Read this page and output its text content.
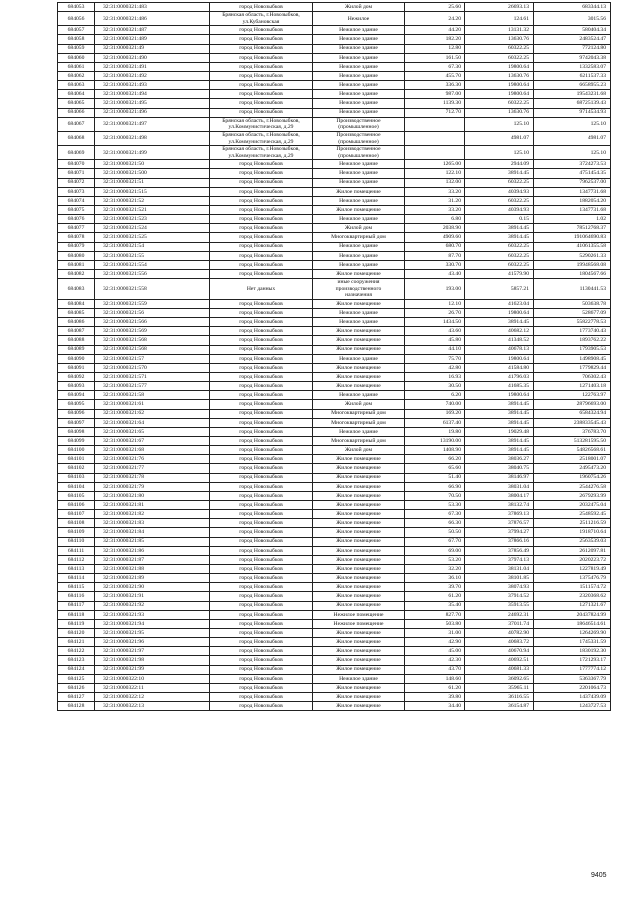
684053	32:31:0000321:483	город Новозыбков	Жилой дом	25.60	26693.13	683344.13
684056	32:31:0000321:486	Брянская область, г.Новозыбков,
ул.Кубановская	Нежилое	24.20	124.61	3015.56
684057	32:31:0000321:487	город Новозыбков	Нежилое здание	44.20	13131.32	580404.34
684058	32:31:0000321:489	город Новозыбков	Нежилое здание	182.20	13630.76	2483524.47
684059	32:31:0000321:49	город Новозыбков	Нежилое здание	12.80	60322.25	772124.80
684060	32:31:0000321:490	город Новозыбков	Нежилое здание	161.50	60322.25	9742043.38
684061	32:31:0000321:491	город Новозыбков	Нежилое здание	67.30	19800.64	1332583.07
684062	32:31:0000321:492	город Новозыбков	Нежилое здание	455.70	13630.76	6211537.33
684063	32:31:0000321:493	город Новозыбков	Нежилое здание	336.30	19800.64	6658955.23
684064	32:31:0000321:494	город Новозыбков	Нежилое здание	987.00	19800.64	19543231.68
684065	32:31:0000321:495	город Новозыбков	Нежилое здание	1139.30	60322.25	68725139.43
684066	32:31:0000321:496	город Новозыбков	Нежилое здание	712.70	13630.76	9714534.93
684067	32:31:0000321:497	Брянская область, г.Новозыбков,
ул.Коммунистическая, д.29	Производственное
(промышленное)		125.10	125.10
684068	32:31:0000321:498	Брянская область, г.Новозыбков,
ул.Коммунистическая, д.29	Производственное
(промышленное)		4981.07	4981.07
684069	32:31:0000321:499	Брянская область, г.Новозыбков,
ул.Коммунистическая, д.29	Производственное
(промышленное)		125.10	125.10
684070	32:31:0000321:50	город Новозыбков	Нежилое здание	1265.00	2944.09	3724273.53
684071	32:31:0000321:500	город Новозыбков	Нежилое здание	122.10	38914.45	4751454.35
684072	32:31:0000321:51	город Новозыбков	Нежилое здание	132.00	60322.25	7962537.00
684073	32:31:0000321:515	город Новозыбков	Жилое помещение	33.20	40394.93	1347731.68
684074	32:31:0000321:52	город Новозыбков	Нежилое здание	31.20	60322.25	1882054.20
684075	32:31:0000321:521	город Новозыбков	Жилое помещение	33.20	40394.93	1347731.68
684076	32:31:0000321:523	город Новозыбков	Нежилое здание	6.80	0.15	1.02
684077	32:31:0000321:524	город Новозыбков	Жилой дом	2038.90	38914.45	78512768.37
684078	32:31:0000321:525	город Новозыбков	Многоквартирный дом	4909.60	38914.45	191064690.83
684079	32:31:0000321:54	город Новозыбков	Нежилое здание	680.70	60322.25	41061355.58
684080	32:31:0000321:55	город Новозыбков	Нежилое здание	87.70	60322.25	5290261.33
684081	32:31:0000321:554	город Новозыбков	Нежилое здание	330.70	60322.25	19948568.08
684082	32:31:0000321:556	город Новозыбков	Жилое помещение	43.40	41579.90	1804567.66
684083	32:31:0000321:558	Нет данных	иные сооружения
производственного
назначения	193.00	5857.21	1130441.53
684084	32:31:0000321:559	город Новозыбков	Жилое помещение	12.10	41623.04	503638.78
684085	32:31:0000321:56	город Новозыбков	Нежилое здание	26.70	19800.64	528677.09
684086	32:31:0000321:566	город Новозыбков	Нежилое здание	1434.50	38914.45	55822778.53
684087	32:31:0000321:569	город Новозыбков	Жилое помещение	43.60	40682.12	1773740.43
684088	32:31:0000321:568	город Новозыбков	Жилое помещение	45.80	41348.52	1893762.22
684089	32:31:0000321:568	город Новозыбков	Жилое помещение	44.10	40678.13	1793905.53
684090	32:31:0000321:57	город Новозыбков	Нежилое здание	75.70	19800.64	1498908.45
684091	32:31:0000321:570	город Новозыбков	Жилое помещение	42.80	41584.80	1779829.44
684092	32:31:0000321:571	город Новозыбков	Жилое помещение	16.93	41796.03	706302.43
684093	32:31:0000321:577	город Новозыбков	Жилое помещение	30.50	41685.35	1271403.18
684094	32:31:0000321:58	город Новозыбков	Нежилое здание	6.20	19800.64	122763.97
684095	32:31:0000321:61	город Новозыбков	Жилой дом	740.00	38914.45	28796693.00
684096	32:31:0000321:62	город Новозыбков	Многоквартирный дом	169.20	38914.45	6584324.94
684097	32:31:0000321:64	город Новозыбков	Многоквартирный дом	6137.40	38914.45	238833545.43
684098	32:31:0000321:65	город Новозыбков	Нежилое здание	19.80	19029.48	376783.70
684099	32:31:0000321:67	город Новозыбков	Многоквартирный дом	13190.00	38914.45	513281595.50
684100	32:31:0000321:68	город Новозыбков	Жилой дом	1408.90	38914.45	54826568.61
684101	32:31:0000321:76	город Новозыбков	Жилое помещение	66.20	38036.27	2518001.07
684102	32:31:0000321:77	город Новозыбков	Жилое помещение	65.60	38040.75	2495473.20
684103	32:31:0000321:78	город Новозыбков	Жилое помещение	51.40	38146.97	1960754.26
684104	32:31:0000321:79	город Новозыбков	Жилое помещение	66.90	38031.04	2544276.58
684105	32:31:0000321:80	город Новозыбков	Жилое помещение	70.50	38004.17	2679293.99
684106	32:31:0000321:81	город Новозыбков	Жилое помещение	53.30	38132.74	2032475.04
684107	32:31:0000321:82	город Новозыбков	Жилое помещение	67.30	37869.13	2548592.45
684108	32:31:0000321:83	город Новозыбков	Жилое помещение	66.30	37876.57	2511216.59
684109	32:31:0000321:84	город Новозыбков	Жилое помещение	50.50	37994.27	1918710.64
684110	32:31:0000321:85	город Новозыбков	Жилое помещение	67.70	37866.16	2563539.03
684111	32:31:0000321:86	город Новозыбков	Жилое помещение	69.00	37856.49	2612097.81
684112	32:31:0000321:87	город Новозыбков	Жилое помещение	53.20	37974.13	2020223.72
684113	32:31:0000321:88	город Новозыбков	Жилое помещение	32.20	38131.04	1227819.49
684114	32:31:0000321:89	город Новозыбков	Жилое помещение	36.10	38101.85	1375476.79
684115	32:31:0000321:90	город Новозыбков	Жилое помещение	39.70	38074.93	1511574.72
684116	32:31:0000321:91	город Новозыбков	Жилое помещение	61.20	37914.52	2320368.62
684117	32:31:0000321:92	город Новозыбков	Жилое помещение	35.40	35913.55	1271321.67
684118	32:31:0000321:93	город Новозыбков	Нежилое помещение	827.70	24692.31	20437824.99
684119	32:31:0000321:94	город Новозыбков	Нежилое помещение	503.80	37011.74	18646514.61
684120	32:31:0000321:95	город Новозыбков	Жилое помещение	31.00	40782.90	1264269.90
684121	32:31:0000321:96	город Новозыбков	Жилое помещение	42.90	40683.72	1745331.59
684122	32:31:0000321:97	город Новозыбков	Жилое помещение	45.00	40670.94	1830192.30
684123	32:31:0000321:98	город Новозыбков	Жилое помещение	42.30	40692.51	1721293.17
684124	32:31:0000321:99	город Новозыбков	Жилое помещение	43.70	40681.33	1777774.12
684125	32:31:0000322:10	город Новозыбков	Нежилое здание	148.60	36092.65	5363367.79
684126	32:31:0000322:11	город Новозыбков	Жилое помещение	61.20	35965.11	2201064.73
684127	32:31:0000322:12	город Новозыбков	Жилое помещение	39.80	36116.55	1437439.09
684128	32:31:0000322:13	город Новозыбков	Жилое помещение	34.40	36154.87	1243727.53
9405
